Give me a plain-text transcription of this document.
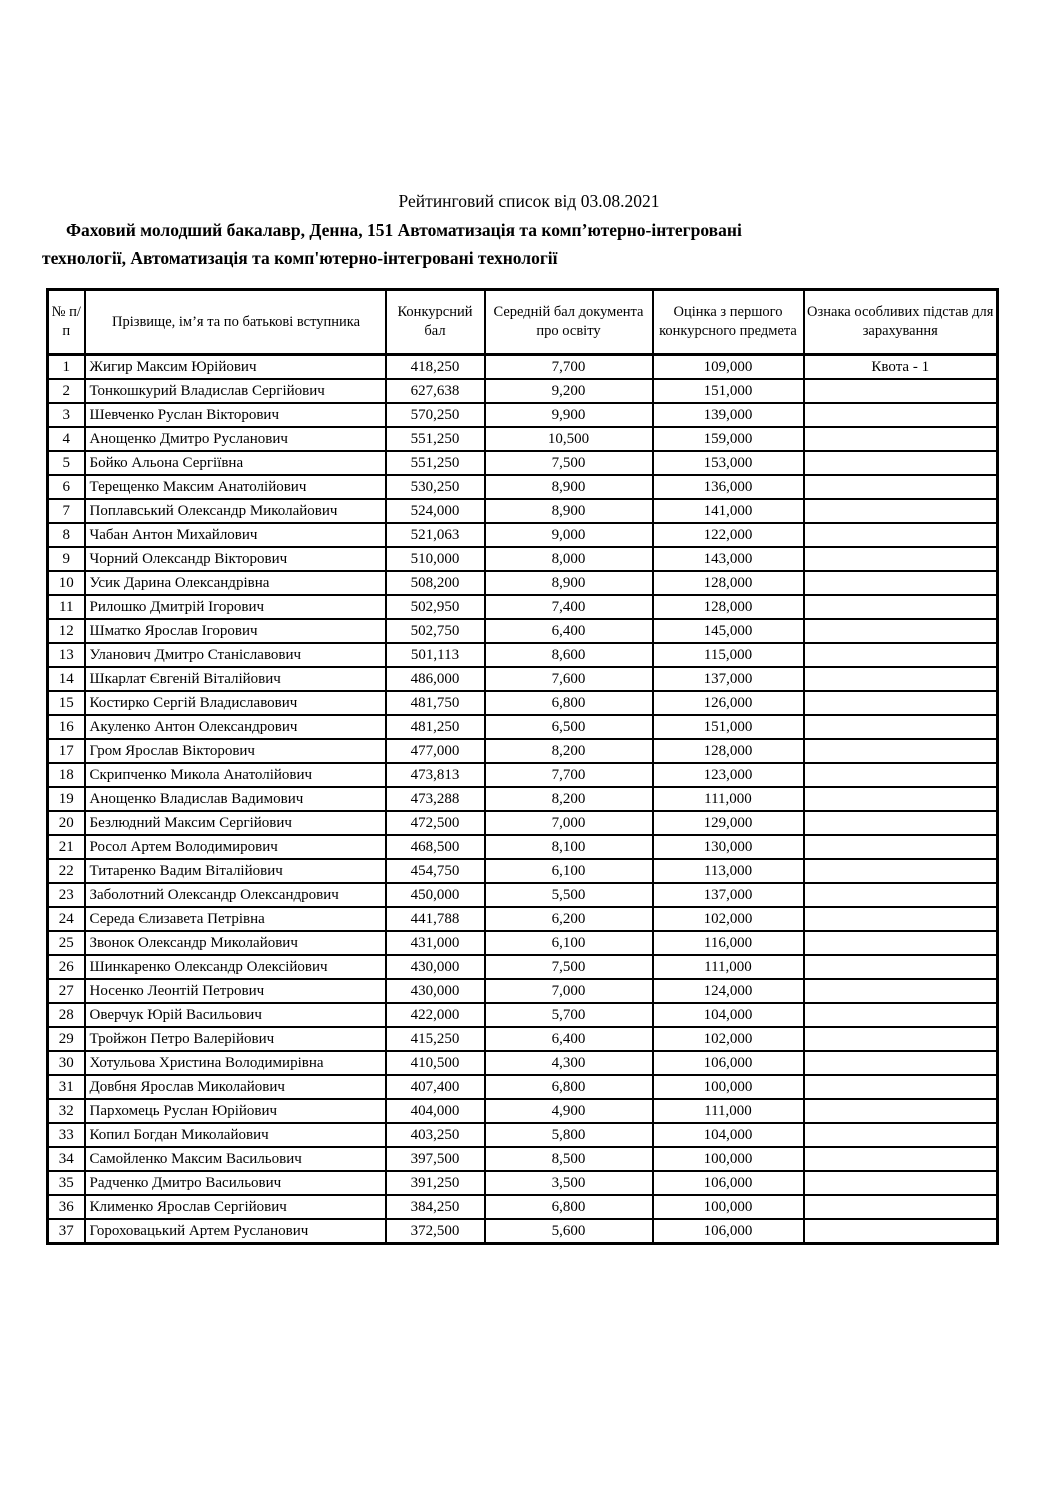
Рейтинговий список від 03.08.2021
Фаховий молодший бакалавр, Денна, 151 Автоматизація та комп’ютерно-інтегровані
технології, Автоматизація та комп'ютерно-інтегровані технології
№ п/п	Прізвище, ім’я та по батькові вступника	Конкурсний бал	Середній бал документа про освіту	Оцінка з першого конкурсного предмета	Ознака особливих підстав для зарахування
1	Жигир Максим Юрійович	418,250	7,700	109,000	Квота - 1
2	Тонкошкурий Владислав Сергійович	627,638	9,200	151,000	
3	Шевченко Руслан Вікторович	570,250	9,900	139,000	
4	Анощенко Дмитро Русланович	551,250	10,500	159,000	
5	Бойко Альона Сергіївна	551,250	7,500	153,000	
6	Терещенко Максим Анатолійович	530,250	8,900	136,000	
7	Поплавський Олександр Миколайович	524,000	8,900	141,000	
8	Чабан Антон Михайлович	521,063	9,000	122,000	
9	Чорний Олександр Вікторович	510,000	8,000	143,000	
10	Усик Дарина Олександрівна	508,200	8,900	128,000	
11	Рилошко Дмитрій Ігорович	502,950	7,400	128,000	
12	Шматко Ярослав Ігорович	502,750	6,400	145,000	
13	Уланович Дмитро Станіславович	501,113	8,600	115,000	
14	Шкарлат Євгеній Віталійович	486,000	7,600	137,000	
15	Костирко Сергій Владиславович	481,750	6,800	126,000	
16	Акуленко Антон Олександрович	481,250	6,500	151,000	
17	Гром Ярослав Вікторович	477,000	8,200	128,000	
18	Скрипченко Микола Анатолійович	473,813	7,700	123,000	
19	Анощенко Владислав Вадимович	473,288	8,200	111,000	
20	Безлюдний Максим Сергійович	472,500	7,000	129,000	
21	Росол Артем Володимирович	468,500	8,100	130,000	
22	Титаренко Вадим Віталійович	454,750	6,100	113,000	
23	Заболотний Олександр Олександрович	450,000	5,500	137,000	
24	Середа Єлизавета Петрівна	441,788	6,200	102,000	
25	Звонок Олександр Миколайович	431,000	6,100	116,000	
26	Шинкаренко Олександр Олексійович	430,000	7,500	111,000	
27	Носенко Леонтій Петрович	430,000	7,000	124,000	
28	Оверчук Юрій Васильович	422,000	5,700	104,000	
29	Тройжон Петро Валерійович	415,250	6,400	102,000	
30	Хотульова Христина Володимирівна	410,500	4,300	106,000	
31	Довбня Ярослав Миколайович	407,400	6,800	100,000	
32	Пархомець Руслан Юрійович	404,000	4,900	111,000	
33	Копил Богдан Миколайович	403,250	5,800	104,000	
34	Самойленко Максим Васильович	397,500	8,500	100,000	
35	Радченко Дмитро Васильович	391,250	3,500	106,000	
36	Клименко Ярослав Сергійович	384,250	6,800	100,000	
37	Гороховацький Артем Русланович	372,500	5,600	106,000	
